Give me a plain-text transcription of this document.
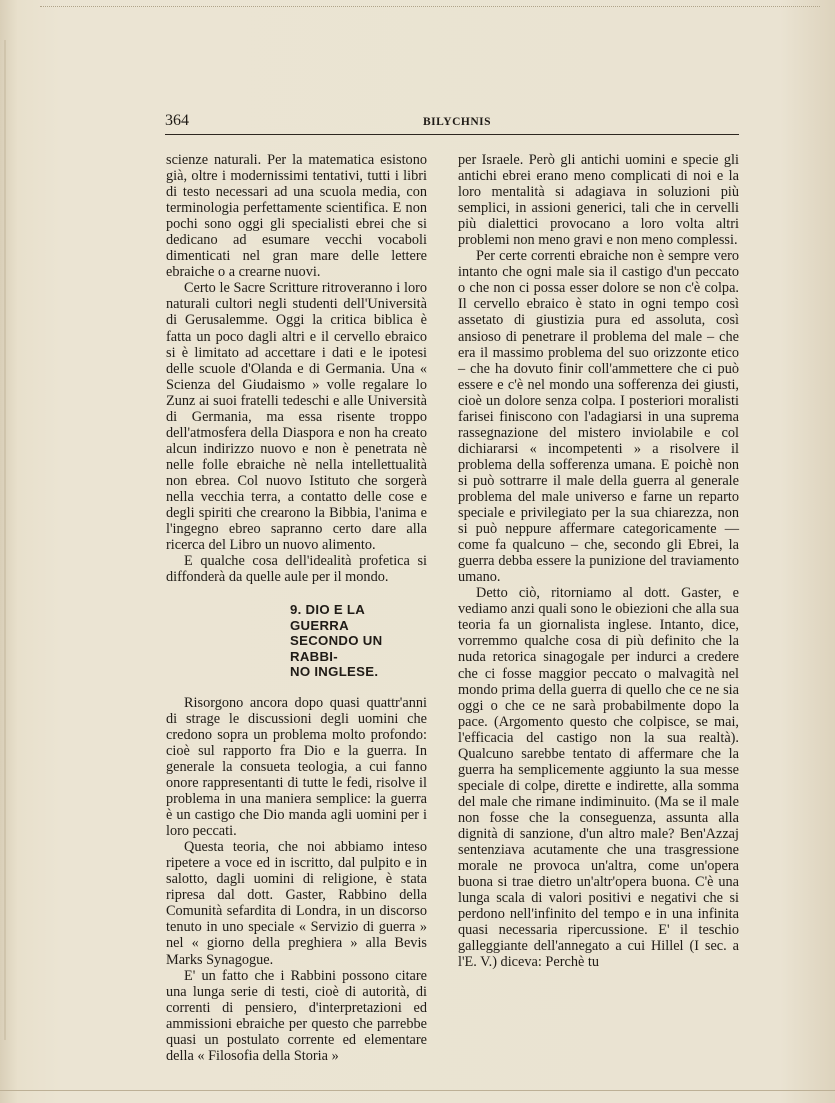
364	BILYCHNIS

scienze naturali. Per la matematica esistono già, oltre i modernissimi tentativi, tutti i libri di testo necessari ad una scuola media, con terminologia perfettamente scientifica. E non pochi sono oggi gli specialisti ebrei che si dedicano ad esumare vecchi vocaboli dimenticati nel gran mare delle lettere ebraiche o a crearne nuovi.

Certo le Sacre Scritture ritroveranno i loro naturali cultori negli studenti dell'Università di Gerusalemme. Oggi la critica biblica è fatta un poco dagli altri e il cervello ebraico si è limitato ad accettare i dati e le ipotesi delle scuole d'Olanda e di Germania. Una « Scienza del Giudaismo » volle regalare lo Zunz ai suoi fratelli tedeschi e alle Università di Germania, ma essa risente troppo dell'atmosfera della Diaspora e non ha creato alcun indirizzo nuovo e non è penetrata nè nelle folle ebraiche nè nella intellettualità non ebrea. Col nuovo Istituto che sorgerà nella vecchia terra, a contatto delle cose e degli spiriti che crearono la Bibbia, l'anima e l'ingegno ebreo sapranno certo dare alla ricerca del Libro un nuovo alimento.

E qualche cosa dell'idealità profetica si diffonderà da quelle aule per il mondo.

9. DIO E LA GUERRA
SECONDO UN RABBI-
NO INGLESE.

Risorgono ancora dopo quasi quattr'anni di strage le discussioni degli uomini che credono sopra un problema molto profondo: cioè sul rapporto fra Dio e la guerra. In generale la consueta teologia, a cui fanno onore rappresentanti di tutte le fedi, risolve il problema in una maniera semplice: la guerra è un castigo che Dio manda agli uomini per i loro peccati.

Questa teoria, che noi abbiamo inteso ripetere a voce ed in iscritto, dal pulpito e in salotto, dagli uomini di religione, è stata ripresa dal dott. Gaster, Rabbino della Comunità sefardita di Londra, in un discorso tenuto in uno speciale « Servizio di guerra » nel « giorno della preghiera » alla Bevis Marks Synagogue.

E' un fatto che i Rabbini possono citare una lunga serie di testi, cioè di autorità, di correnti di pensiero, d'interpretazioni ed ammissioni ebraiche per questo che parrebbe quasi un postulato corrente ed elementare della « Filosofia della Storia »

per Israele. Però gli antichi uomini e specie gli antichi ebrei erano meno complicati di noi e la loro mentalità si adagiava in soluzioni più semplici, in assioni generici, tali che in cervelli più dialettici provocano a loro volta altri problemi non meno gravi e non meno complessi.

Per certe correnti ebraiche non è sempre vero intanto che ogni male sia il castigo d'un peccato o che non ci possa esser dolore se non c'è colpa. Il cervello ebraico è stato in ogni tempo così assetato di giustizia pura ed assoluta, così ansioso di penetrare il problema del male – che era il massimo problema del suo orizzonte etico – che ha dovuto finir coll'ammettere che ci può essere e c'è nel mondo una sofferenza dei giusti, cioè un dolore senza colpa. I posteriori moralisti farisei finiscono con l'adagiarsi in una suprema rassegnazione del mistero inviolabile e col dichiararsi « incompetenti » a risolvere il problema della sofferenza umana. E poichè non si può sottrarre il male della guerra al generale problema del male universo e farne un reparto speciale e privilegiato per la sua chiarezza, non si può neppure affermare categoricamente — come fa qualcuno – che, secondo gli Ebrei, la guerra debba essere la punizione del traviamento umano.

Detto ciò, ritorniamo al dott. Gaster, e vediamo anzi quali sono le obiezioni che alla sua teoria fa un giornalista inglese. Intanto, dice, vorremmo qualche cosa di più definito che la nuda retorica sinagogale per indurci a credere che ci fosse maggior peccato o malvagità nel mondo prima della guerra di quello che ce ne sia oggi o che ce ne sarà probabilmente dopo la pace. (Argomento questo che colpisce, se mai, l'efficacia del castigo non la sua realtà). Qualcuno sarebbe tentato di affermare che la guerra ha semplicemente aggiunto la sua messe speciale di colpe, dirette e indirette, alla somma del male che rimane indiminuito. (Ma se il male non fosse che la conseguenza, assunta alla dignità di sanzione, d'un altro male? Ben'Azzaj sentenziava acutamente che una trasgressione morale ne provoca un'altra, come un'opera buona si trae dietro un'altr'opera buona. C'è una lunga scala di valori positivi e negativi che si perdono nell'infinito del tempo e in una infinita quasi necessaria ripercussione. E' il teschio galleggiante dell'annegato a cui Hillel (I sec. a l'E. V.) diceva: Perchè tu
